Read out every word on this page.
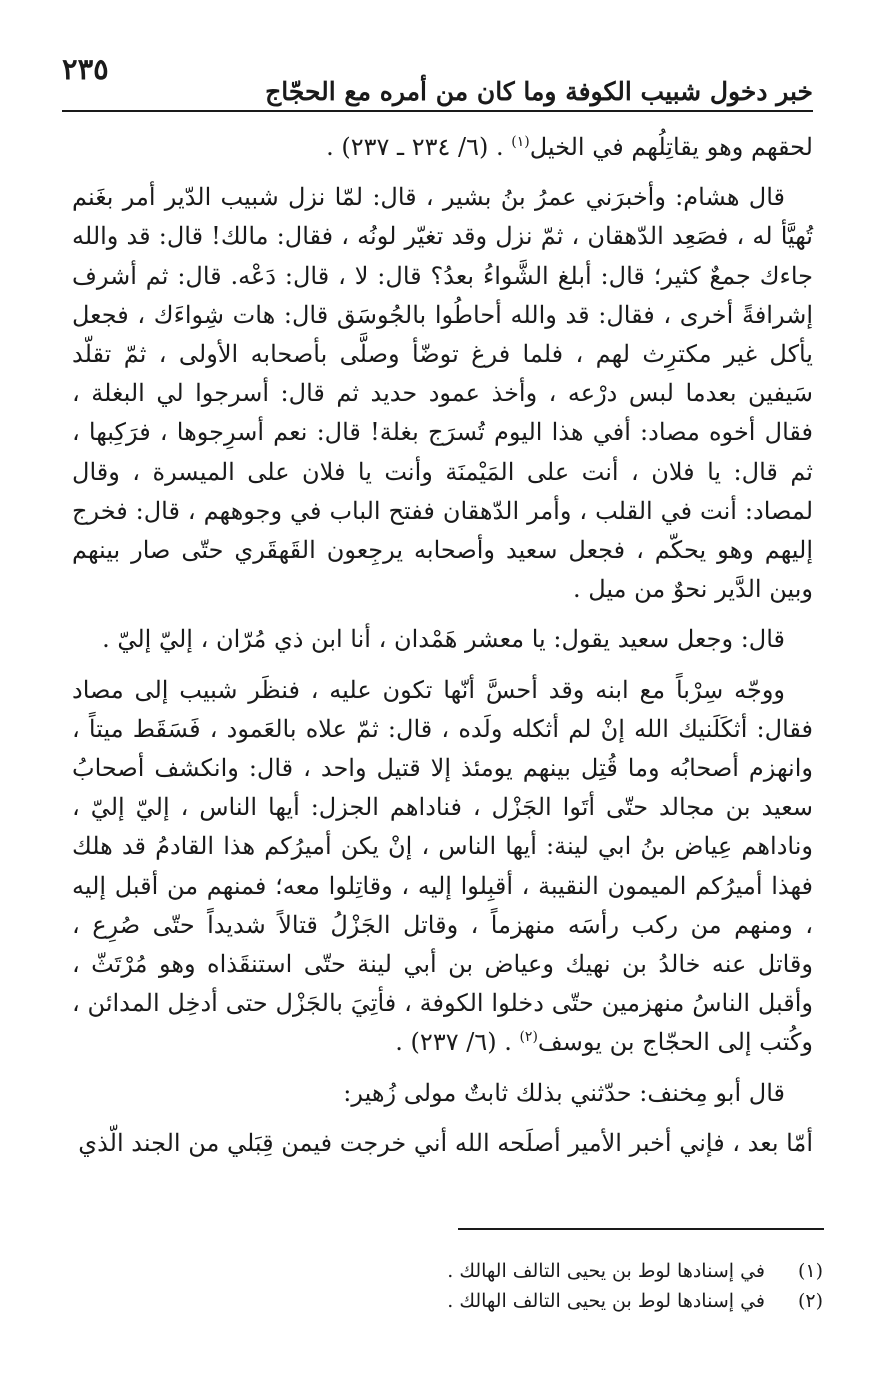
خبر دخول شبيب الكوفة وما كان من أمره مع الحجّاج
٢٣٥

لحقهم وهو يقاتِلُهم في الخيل$^{(١)}$ . (٦/ ٢٣٤ ـ ٢٣٧) .

قال هشام: وأخبرَني عمرُ بنُ بشير ، قال: لمّا نزل شبيب الدّير أمر بغَنم تُهيَّأ له ، فصَعِد الدّهقان ، ثمّ نزل وقد تغيّر لونُه ، فقال: مالك! قال: قد والله جاءك جمعٌ كثير؛ قال: أبلغ الشَّواءُ بعدُ؟ قال: لا ، قال: دَعْه. قال: ثم أشرف إشرافةً أخرى ، فقال: قد والله أحاطُوا بالجُوسَق قال: هات شِواءَك ، فجعل يأكل غير مكترِث لهم ، فلما فرغ توضّأ وصلَّى بأصحابه الأولى ، ثمّ تقلّد سَيفين بعدما لبس درْعه ، وأخذ عمود حديد ثم قال: أسرجوا لي البغلة ، فقال أخوه مصاد: أفي هذا اليوم تُسرَج بغلة! قال: نعم أسرِجوها ، فرَكِبها ، ثم قال: يا فلان ، أنت على المَيْمنَة وأنت يا فلان على الميسرة ، وقال لمصاد: أنت في القلب ، وأمر الدّهقان ففتح الباب في وجوههم ، قال: فخرج إليهم وهو يحكّم ، فجعل سعيد وأصحابه يرجِعون القَهقَري حتّى صار بينهم وبين الدَّير نحوٌ من ميل .

قال: وجعل سعيد يقول: يا معشر هَمْدان ، أنا ابن ذي مُرّان ، إليّ إليّ .

ووجّه سِرْباً مع ابنه وقد أحسَّ أنّها تكون عليه ، فنظَر شبيب إلى مصاد فقال: أثكَلَنيك الله إنْ لم أثكله ولَده ، قال: ثمّ علاه بالعَمود ، فَسَقَط ميتاً ، وانهزم أصحابُه وما قُتِل بينهم يومئذ إلا قتيل واحد ، قال: وانكشف أصحابُ سعيد بن مجالد حتّى أتَوا الجَزْل ، فناداهم الجزل: أيها الناس ، إليّ إليّ ، وناداهم عِياض بنُ ابي لينة: أيها الناس ، إنْ يكن أميرُكم هذا القادمُ قد هلك فهذا أميرُكم الميمون النقيبة ، أقبِلوا إليه ، وقاتِلوا معه؛ فمنهم من أقبل إليه ، ومنهم من ركب رأسَه منهزماً ، وقاتل الجَزْلُ قتالاً شديداً حتّى صُرِع ، وقاتل عنه خالدُ بن نهيك وعياض بن أبي لينة حتّى استنقَذاه وهو مُرْتَثّ ، وأقبل الناسُ منهزمين حتّى دخلوا الكوفة ، فأتِيَ بالجَزْل حتى أدخِل المدائن ، وكُتب إلى الحجّاج بن يوسف$^{(٢)}$ . (٦/ ٢٣٧) .

قال أبو مِخنف: حدّثني بذلك ثابتٌ مولى زُهير:

أمّا بعد ، فإني أخبر الأمير أصلَحه الله أني خرجت فيمن قِبَلي من الجند الّذي

(١)
في إسنادها لوط بن يحيى التالف الهالك .
(٢)
في إسنادها لوط بن يحيى التالف الهالك .
